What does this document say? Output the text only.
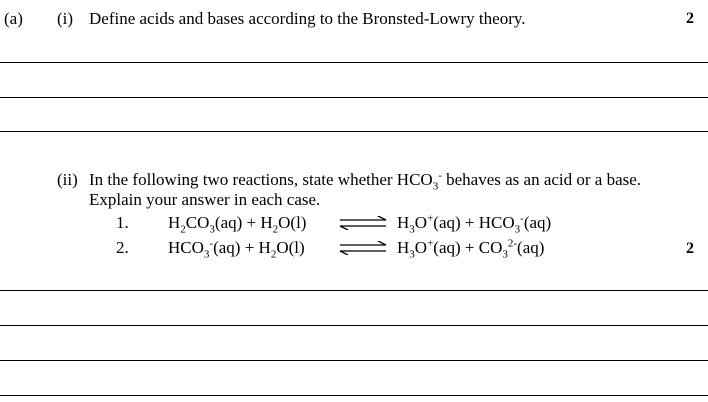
(a) (i) Define acids and bases according to the Bronsted-Lowry theory.	2
(ii) In the following two reactions, state whether $HCO_3^-$ behaves as an acid or a base.
Explain your answer in each case.
1. $H_2CO_3(aq) + H_2O(l)$ ⇌ $H_3O^+(aq) + HCO_3^-(aq)$
2. $HCO_3^-(aq) + H_2O(l)$ ⇌ $H_3O^+(aq) + CO_3^{2-}(aq)$	2
